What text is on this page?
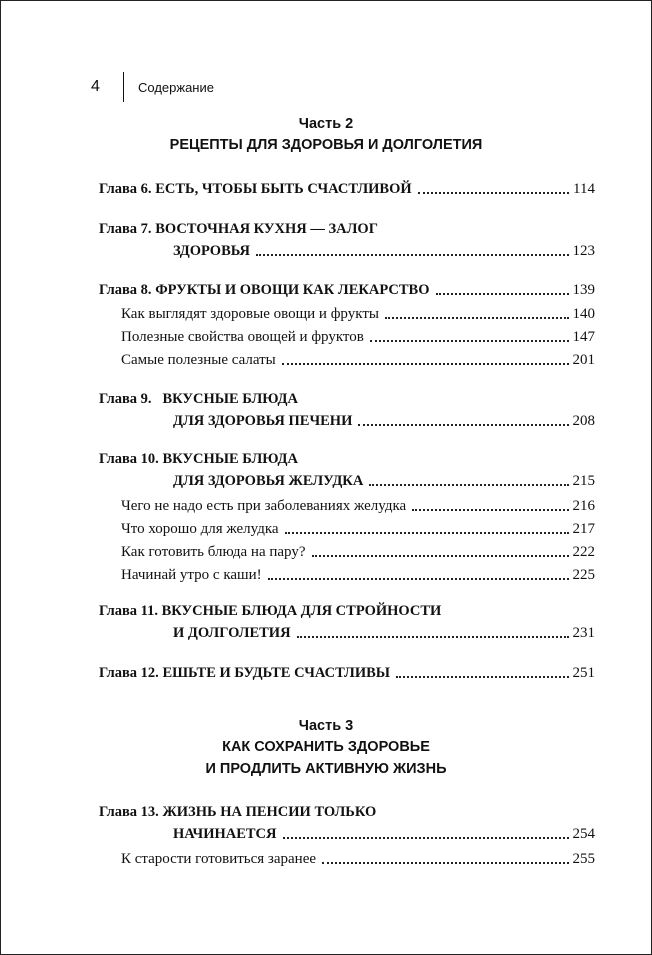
4	Содержание
Часть 2
РЕЦЕПТЫ ДЛЯ ЗДОРОВЬЯ И ДОЛГОЛЕТИЯ
Глава 6. ЕСТЬ, ЧТОБЫ БЫТЬ СЧАСТЛИВОЙ	114
Глава 7. ВОСТОЧНАЯ КУХНЯ — ЗАЛОГ
ЗДОРОВЬЯ	123
Глава 8. ФРУКТЫ И ОВОЩИ КАК ЛЕКАРСТВО	139
Как выглядят здоровые овощи и фрукты	140
Полезные свойства овощей и фруктов	147
Самые полезные салаты	201
Глава 9. ВКУСНЫЕ БЛЮДА
ДЛЯ ЗДОРОВЬЯ ПЕЧЕНИ	208
Глава 10. ВКУСНЫЕ БЛЮДА
ДЛЯ ЗДОРОВЬЯ ЖЕЛУДКА	215
Чего не надо есть при заболеваниях желудка	216
Что хорошо для желудка	217
Как готовить блюда на пару?	222
Начинай утро с каши!	225
Глава 11. ВКУСНЫЕ БЛЮДА ДЛЯ СТРОЙНОСТИ
И ДОЛГОЛЕТИЯ	231
Глава 12. ЕШЬТЕ И БУДЬТЕ СЧАСТЛИВЫ	251
Часть 3
КАК СОХРАНИТЬ ЗДОРОВЬЕ
И ПРОДЛИТЬ АКТИВНУЮ ЖИЗНЬ
Глава 13. ЖИЗНЬ НА ПЕНСИИ ТОЛЬКО
НАЧИНАЕТСЯ	254
К старости готовиться заранее	255
